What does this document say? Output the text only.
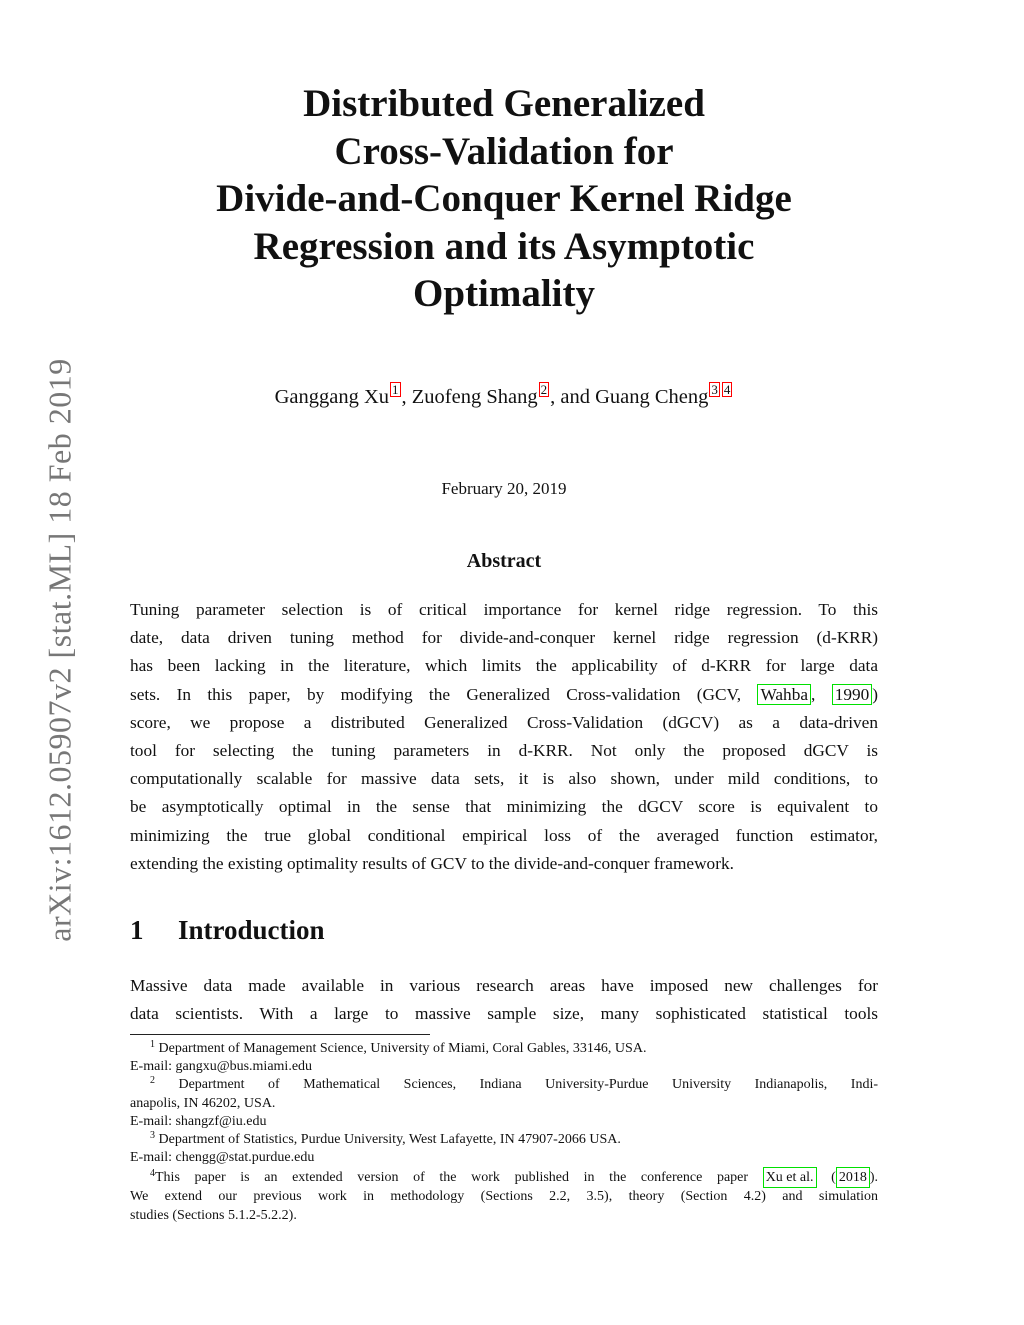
arXiv:1612.05907v2 [stat.ML] 18 Feb 2019
Distributed Generalized
Cross-Validation for
Divide-and-Conquer Kernel Ridge
Regression and its Asymptotic
Optimality
Ganggang Xu 1 , Zuofeng Shang 2 , and Guang Cheng 3 4
February 20, 2019
Abstract
Tuning parameter selection is of critical importance for kernel ridge regression. To this
date, data driven tuning method for divide-and-conquer kernel ridge regression (d-KRR)
has been lacking in the literature, which limits the applicability of d-KRR for large data
sets. In this paper, by modifying the Generalized Cross-validation (GCV, Wahba , 1990 )
score, we propose a distributed Generalized Cross-Validation (dGCV) as a data-driven
tool for selecting the tuning parameters in d-KRR. Not only the proposed dGCV is
computationally scalable for massive data sets, it is also shown, under mild conditions, to
be asymptotically optimal in the sense that minimizing the dGCV score is equivalent to
minimizing the true global conditional empirical loss of the averaged function estimator,
extending the existing optimality results of GCV to the divide-and-conquer framework.
1 Introduction
Massive data made available in various research areas have imposed new challenges for
data scientists. With a large to massive sample size, many sophisticated statistical tools
$^1$ Department of Management Science, University of Miami, Coral Gables, 33146, USA.
E-mail: gangxu@bus.miami.edu
$^2$ Department of Mathematical Sciences, Indiana University-Purdue University Indianapolis, Indi-
anapolis, IN 46202, USA.
E-mail: shangzf@iu.edu
$^3$ Department of Statistics, Purdue University, West Lafayette, IN 47907-2066 USA.
E-mail: chengg@stat.purdue.edu
$^4$This paper is an extended version of the work published in the conference paper Xu et al. ( 2018 ).
We extend our previous work in methodology (Sections 2.2, 3.5), theory (Section 4.2) and simulation
studies (Sections 5.1.2-5.2.2).
